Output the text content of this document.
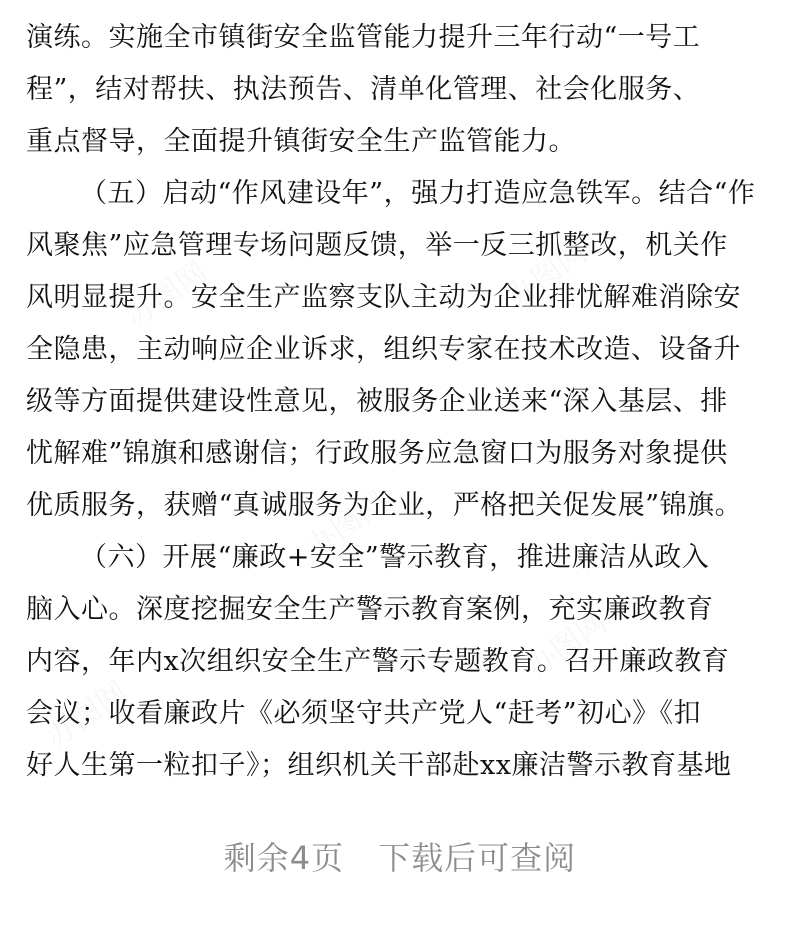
演练。实施全市镇街安全监管能力提升三年行动“一号工
程”，结对帮扶、执法预告、清单化管理、社会化服务、
重点督导，全面提升镇街安全生产监管能力。
（五）启动“作风建设年”，强力打造应急铁军。结合“作
风聚焦”应急管理专场问题反馈，举一反三抓整改，机关作
风明显提升。安全生产监察支队主动为企业排忧解难消除安
全隐患，主动响应企业诉求，组织专家在技术改造、设备升
级等方面提供建设性意见，被服务企业送来“深入基层、排
忧解难”锦旗和感谢信；行政服务应急窗口为服务对象提供
优质服务，获赠“真诚服务为企业，严格把关促发展”锦旗。
（六）开展“廉政+安全”警示教育，推进廉洁从政入
脑入心。深度挖掘安全生产警示教育案例，充实廉政教育
内容，年内x次组织安全生产警示专题教育。召开廉政教育
会议；收看廉政片《必须坚守共产党人“赶考”初心》《扣
好人生第一粒扣子》；组织机关干部赴xx廉洁警示教育基地
剩余4页 下载后可查阅
